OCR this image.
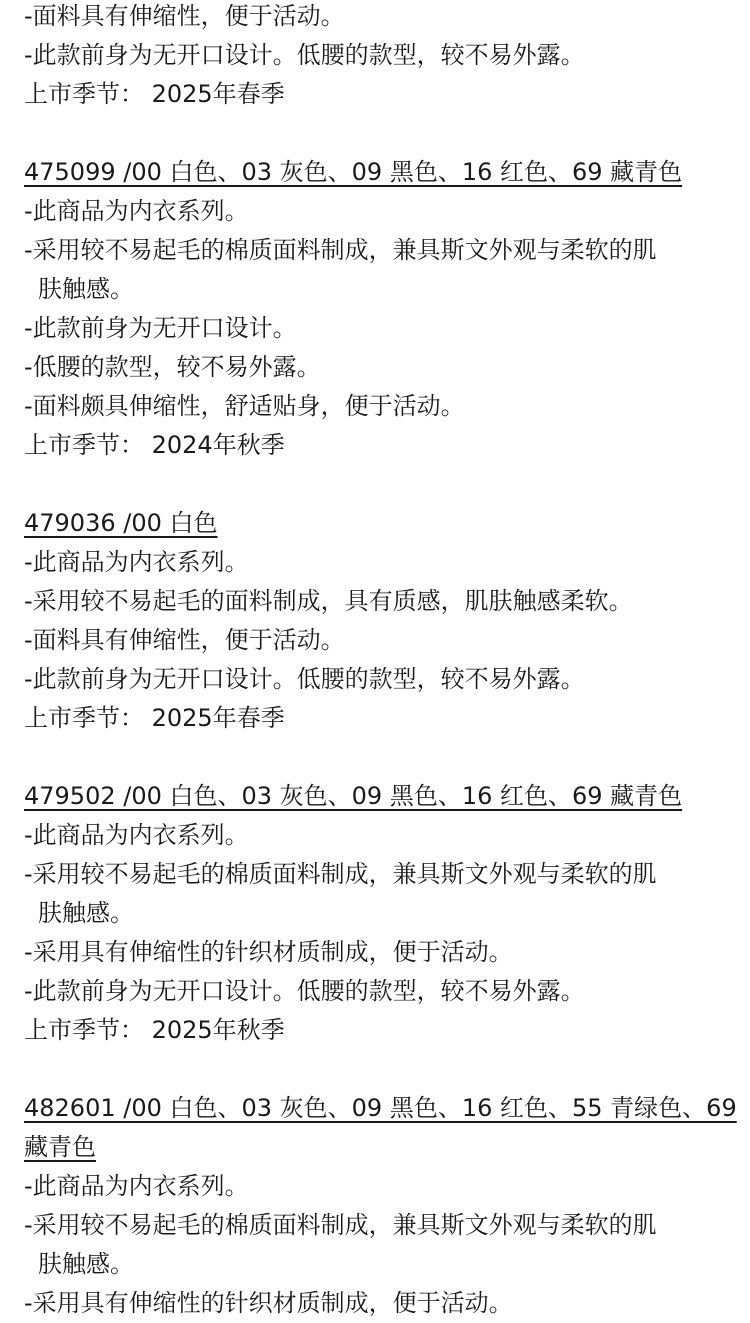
-面料具有伸缩性，便于活动。
-此款前身为无开口设计。低腰的款型，较不易外露。
上市季节： 2025年春季
475099 /00 白色、03 灰色、09 黑色、16 红色、69 藏青色
-此商品为内衣系列。
-采用较不易起毛的棉质面料制成，兼具斯文外观与柔软的肌
肤触感。
-此款前身为无开口设计。
-低腰的款型，较不易外露。
-面料颇具伸缩性，舒适贴身，便于活动。
上市季节： 2024年秋季
479036 /00 白色
-此商品为内衣系列。
-采用较不易起毛的面料制成，具有质感，肌肤触感柔软。
-面料具有伸缩性，便于活动。
-此款前身为无开口设计。低腰的款型，较不易外露。
上市季节： 2025年春季
479502 /00 白色、03 灰色、09 黑色、16 红色、69 藏青色
-此商品为内衣系列。
-采用较不易起毛的棉质面料制成，兼具斯文外观与柔软的肌
肤触感。
-采用具有伸缩性的针织材质制成，便于活动。
-此款前身为无开口设计。低腰的款型，较不易外露。
上市季节： 2025年秋季
482601 /00 白色、03 灰色、09 黑色、16 红色、55 青绿色、69
藏青色
-此商品为内衣系列。
-采用较不易起毛的棉质面料制成，兼具斯文外观与柔软的肌
肤触感。
-采用具有伸缩性的针织材质制成，便于活动。
